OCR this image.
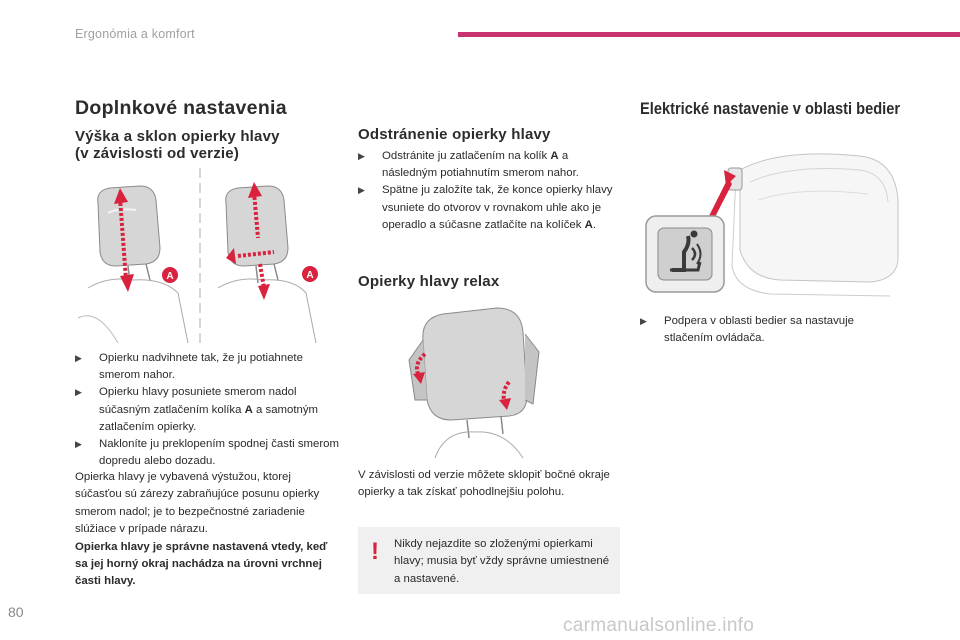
Ergonómia a komfort
Doplnkové nastavenia
Výška a sklon opierky hlavy
(v závislosti od verzie)
A	A
▶ Opierku nadvihnete tak, že ju potiahnete smerom nahor.
▶ Opierku hlavy posuniete smerom nadol súčasným zatlačením kolíka A a samotným zatlačením opierky.
▶ Nakloníte ju preklopením spodnej časti smerom dopredu alebo dozadu.
Opierka hlavy je vybavená výstužou, ktorej súčasťou sú zárezy zabraňujúce posunu opierky smerom nadol; je to bezpečnostné zariadenie slúžiace v prípade nárazu.
Opierka hlavy je správne nastavená vtedy, keď sa jej horný okraj nachádza na úrovni vrchnej časti hlavy.
Odstránenie opierky hlavy
▶ Odstránite ju zatlačením na kolík A a následným potiahnutím smerom nahor.
▶ Spätne ju založíte tak, že konce opierky hlavy vsuniete do otvorov v rovnakom uhle ako je operadlo a súčasne zatlačíte na kolíček A.
Opierky hlavy relax
V závislosti od verzie môžete sklopiť bočné okraje opierky a tak získať pohodlnejšiu polohu.
! Nikdy nejazdite so zloženými opierkami hlavy; musia byť vždy správne umiestnené a nastavené.
Elektrické nastavenie v oblasti bedier
▶ Podpera v oblasti bedier sa nastavuje stlačením ovládača.
80
carmanualsonline.info
